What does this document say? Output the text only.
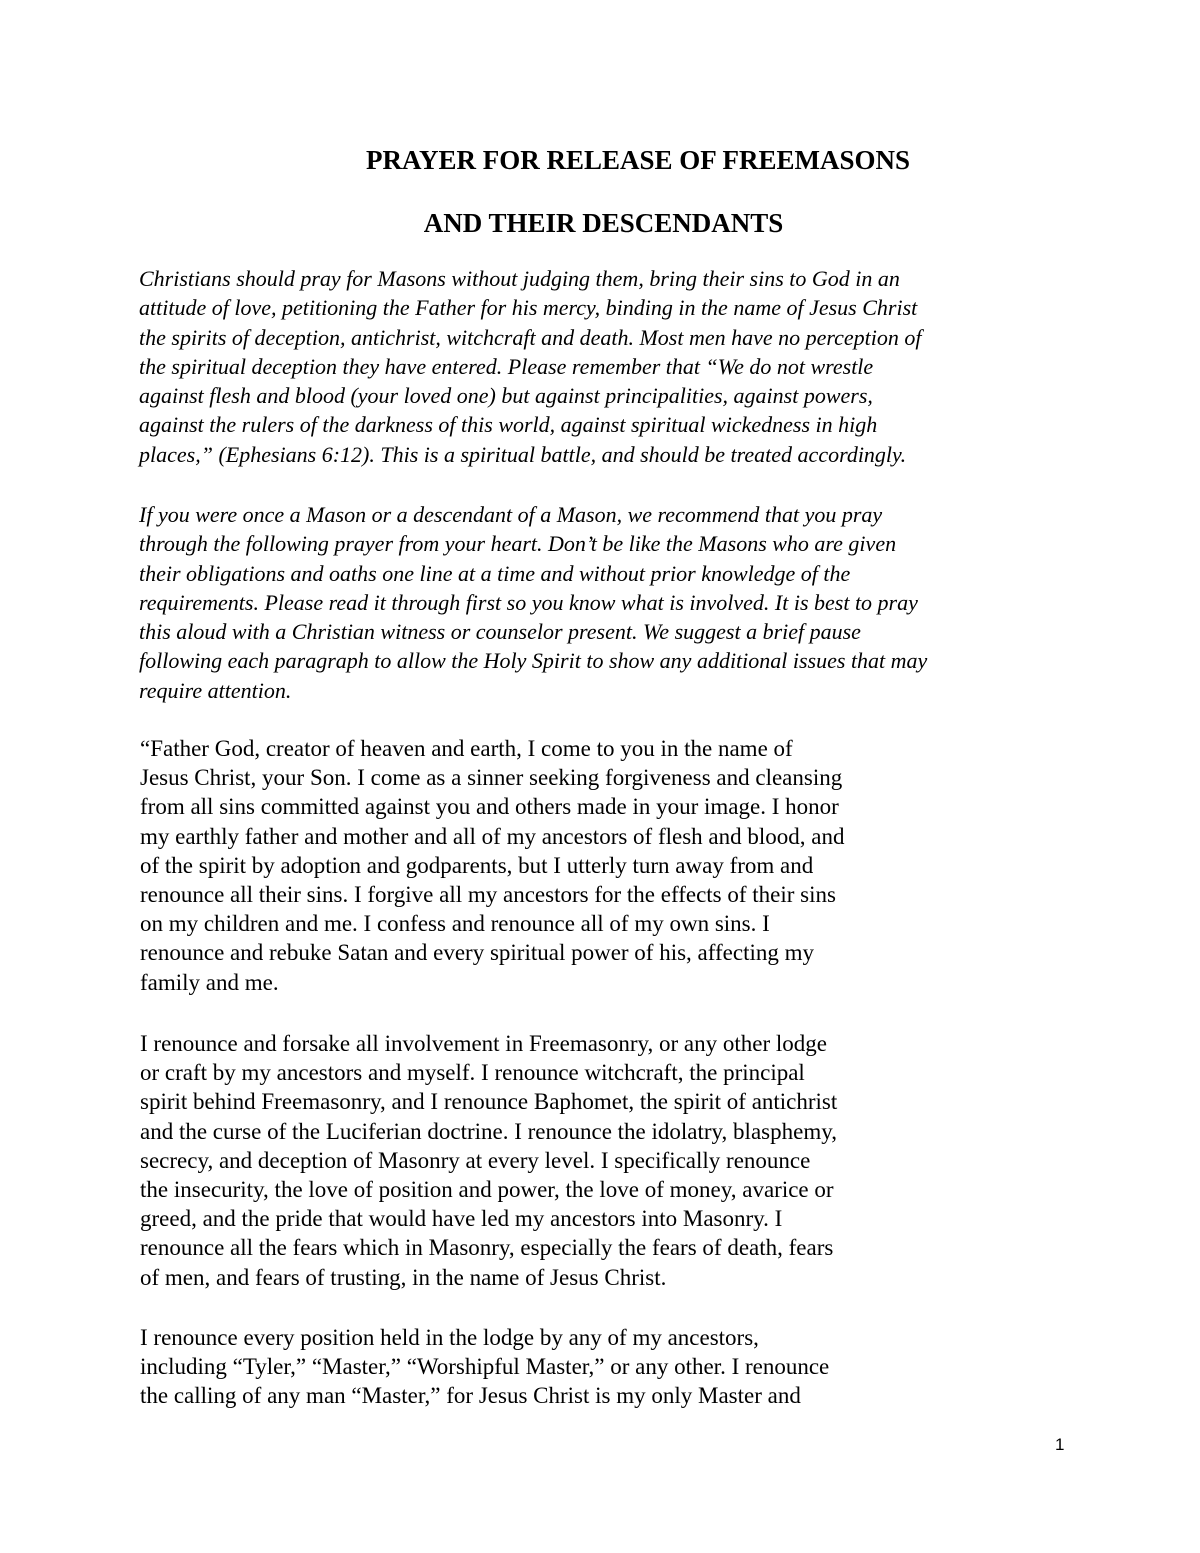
PRAYER FOR RELEASE OF FREEMASONS
AND THEIR DESCENDANTS

Christians should pray for Masons without judging them, bring their sins to God in an
attitude of love, petitioning the Father for his mercy, binding in the name of Jesus Christ
the spirits of deception, antichrist, witchcraft and death. Most men have no perception of
the spiritual deception they have entered. Please remember that “We do not wrestle
against flesh and blood (your loved one) but against principalities, against powers,
against the rulers of the darkness of this world, against spiritual wickedness in high
places,” (Ephesians 6:12). This is a spiritual battle, and should be treated accordingly.

If you were once a Mason or a descendant of a Mason, we recommend that you pray
through the following prayer from your heart. Don’t be like the Masons who are given
their obligations and oaths one line at a time and without prior knowledge of the
requirements. Please read it through first so you know what is involved. It is best to pray
this aloud with a Christian witness or counselor present. We suggest a brief pause
following each paragraph to allow the Holy Spirit to show any additional issues that may
require attention.

“Father God, creator of heaven and earth, I come to you in the name of
Jesus Christ, your Son. I come as a sinner seeking forgiveness and cleansing
from all sins committed against you and others made in your image. I honor
my earthly father and mother and all of my ancestors of flesh and blood, and
of the spirit by adoption and godparents, but I utterly turn away from and
renounce all their sins. I forgive all my ancestors for the effects of their sins
on my children and me. I confess and renounce all of my own sins. I
renounce and rebuke Satan and every spiritual power of his, affecting my
family and me.

I renounce and forsake all involvement in Freemasonry, or any other lodge
or craft by my ancestors and myself. I renounce witchcraft, the principal
spirit behind Freemasonry, and I renounce Baphomet, the spirit of antichrist
and the curse of the Luciferian doctrine. I renounce the idolatry, blasphemy,
secrecy, and deception of Masonry at every level. I specifically renounce
the insecurity, the love of position and power, the love of money, avarice or
greed, and the pride that would have led my ancestors into Masonry. I
renounce all the fears which in Masonry, especially the fears of death, fears
of men, and fears of trusting, in the name of Jesus Christ.

I renounce every position held in the lodge by any of my ancestors,
including “Tyler,” “Master,” “Worshipful Master,” or any other. I renounce
the calling of any man “Master,” for Jesus Christ is my only Master and

1
